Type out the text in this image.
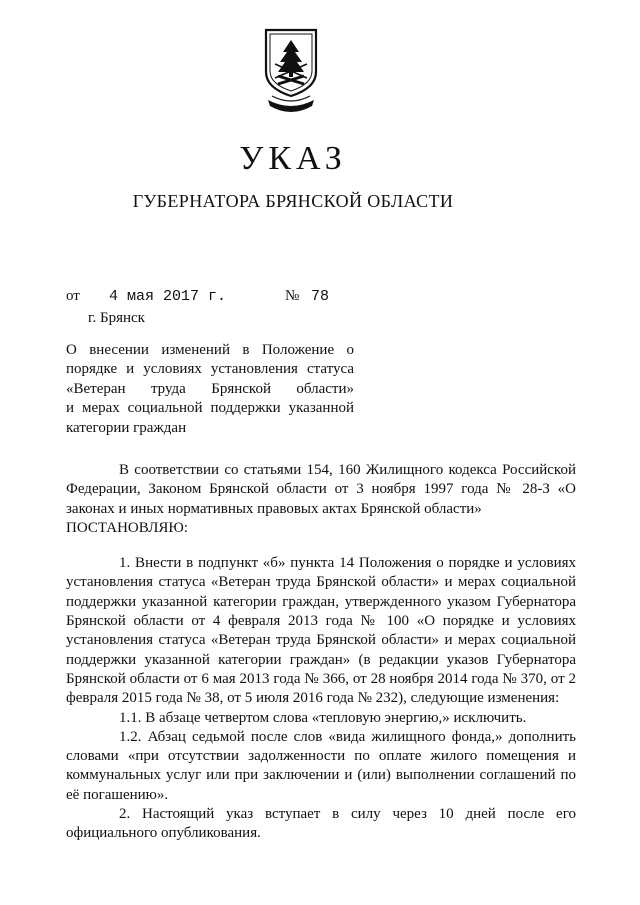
УКАЗ
ГУБЕРНАТОРА БРЯНСКОЙ ОБЛАСТИ
от 4 мая 2017 г.	№ 78
г. Брянск
О внесении изменений в Положение о
порядке и условиях установления статуса
«Ветеран труда Брянской области»
и мерах социальной поддержки указанной
категории граждан

В соответствии со статьями 154, 160 Жилищного кодекса Российской Федерации, Законом Брянской области от 3 ноября 1997 года № 28-З «О законах и иных нормативных правовых актах Брянской области»

ПОСТАНОВЛЯЮ:

1. Внести в подпункт «б» пункта 14 Положения о порядке и условиях установления статуса «Ветеран труда Брянской области» и мерах социальной поддержки указанной категории граждан, утвержденного указом Губернатора Брянской области от 4 февраля 2013 года № 100 «О порядке и условиях установления статуса «Ветеран труда Брянской области» и мерах социальной поддержки указанной категории граждан» (в редакции указов Губернатора Брянской области от 6 мая 2013 года № 366, от 28 ноября 2014 года № 370, от 2 февраля 2015 года № 38, от 5 июля 2016 года № 232), следующие изменения:

1.1. В абзаце четвертом слова «тепловую энергию,» исключить.

1.2. Абзац седьмой после слов «вида жилищного фонда,» дополнить словами «при отсутствии задолженности по оплате жилого помещения и коммунальных услуг или при заключении и (или) выполнении соглашений по её погашению».

2. Настоящий указ вступает в силу через 10 дней после его официального опубликования.
